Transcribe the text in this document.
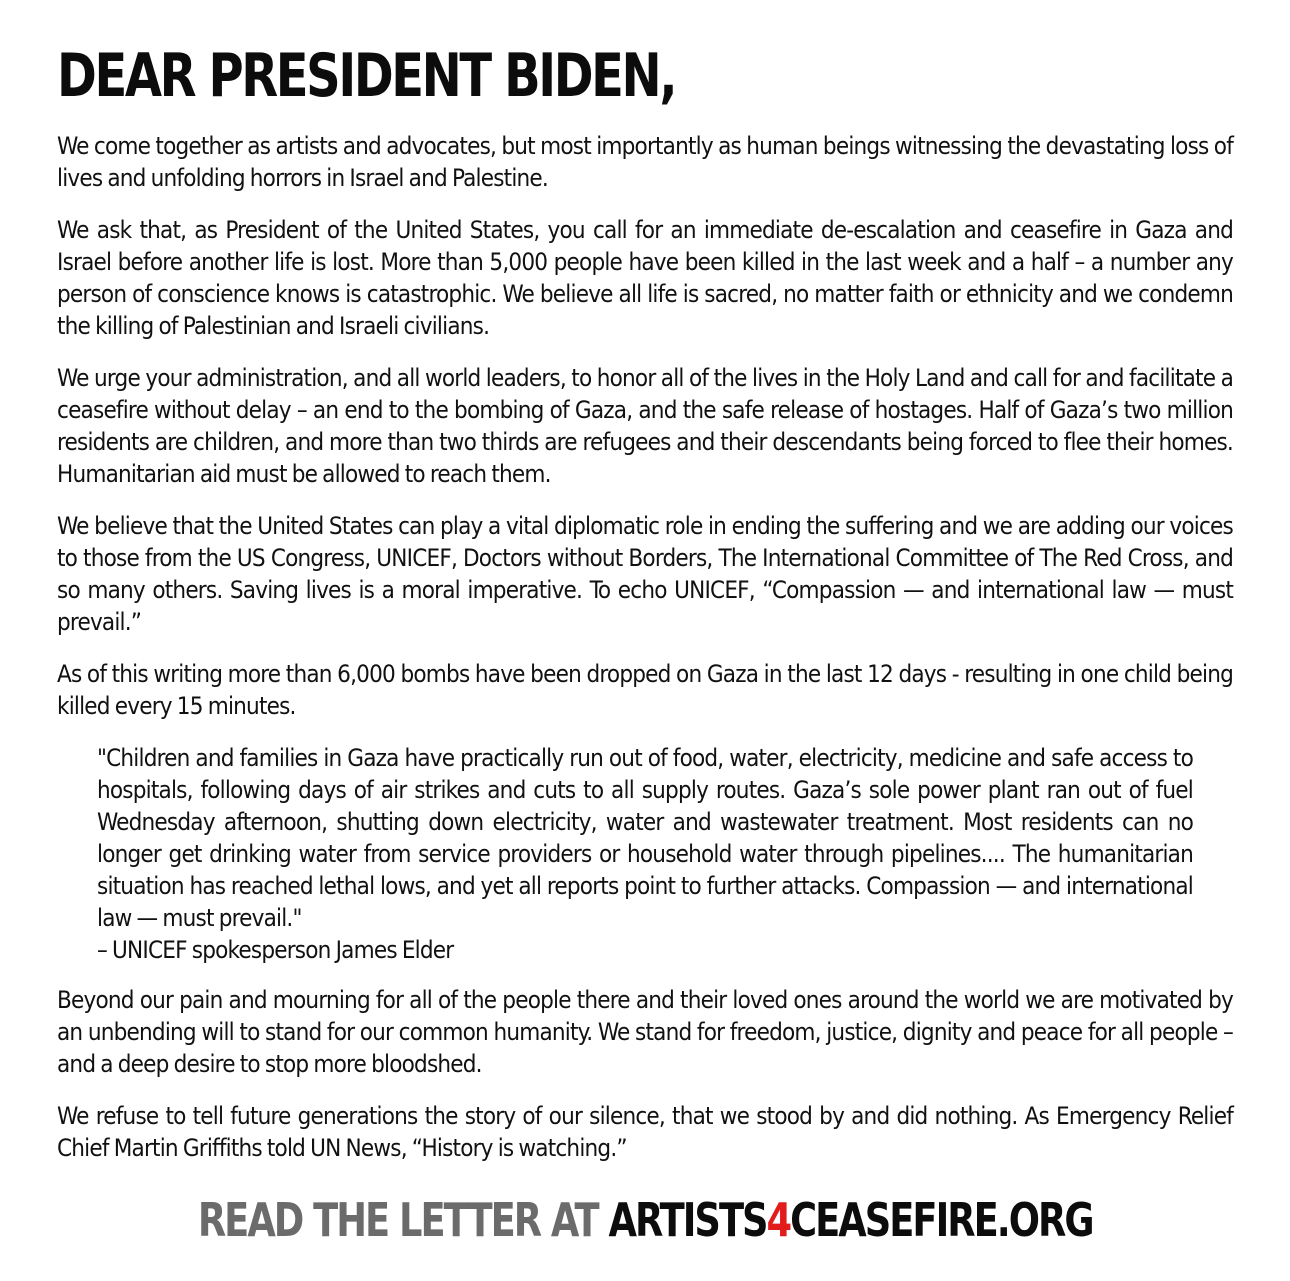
DEAR PRESIDENT BIDEN,

We come together as artists and advocates, but most importantly as human beings witnessing the devastating loss of lives and unfolding horrors in Israel and Palestine.

We ask that, as President of the United States, you call for an immediate de-escalation and ceasefire in Gaza and Israel before another life is lost. More than 5,000 people have been killed in the last week and a half – a number any person of conscience knows is catastrophic. We believe all life is sacred, no matter faith or ethnicity and we condemn the killing of Palestinian and Israeli civilians.

We urge your administration, and all world leaders, to honor all of the lives in the Holy Land and call for and facilitate a ceasefire without delay – an end to the bombing of Gaza, and the safe release of hostages. Half of Gaza’s two million residents are children, and more than two thirds are refugees and their descendants being forced to flee their homes. Humanitarian aid must be allowed to reach them.

We believe that the United States can play a vital diplomatic role in ending the suffering and we are adding our voices to those from the US Congress, UNICEF, Doctors without Borders, The International Committee of The Red Cross, and so many others. Saving lives is a moral imperative. To echo UNICEF, “Compassion — and international law — must prevail.”

As of this writing more than 6,000 bombs have been dropped on Gaza in the last 12 days - resulting in one child being killed every 15 minutes.

"Children and families in Gaza have practically run out of food, water, electricity, medicine and safe access to hospitals, following days of air strikes and cuts to all supply routes. Gaza’s sole power plant ran out of fuel Wednesday afternoon, shutting down electricity, water and wastewater treatment. Most residents can no longer get drinking water from service providers or household water through pipelines.... The humanitarian situation has reached lethal lows, and yet all reports point to further attacks. Compassion — and international law — must prevail."
– UNICEF spokesperson James Elder

Beyond our pain and mourning for all of the people there and their loved ones around the world we are motivated by an unbending will to stand for our common humanity. We stand for freedom, justice, dignity and peace for all people – and a deep desire to stop more bloodshed.

We refuse to tell future generations the story of our silence, that we stood by and did nothing. As Emergency Relief Chief Martin Griffiths told UN News, “History is watching.”

READ THE LETTER AT ARTISTS4CEASEFIRE.ORG
